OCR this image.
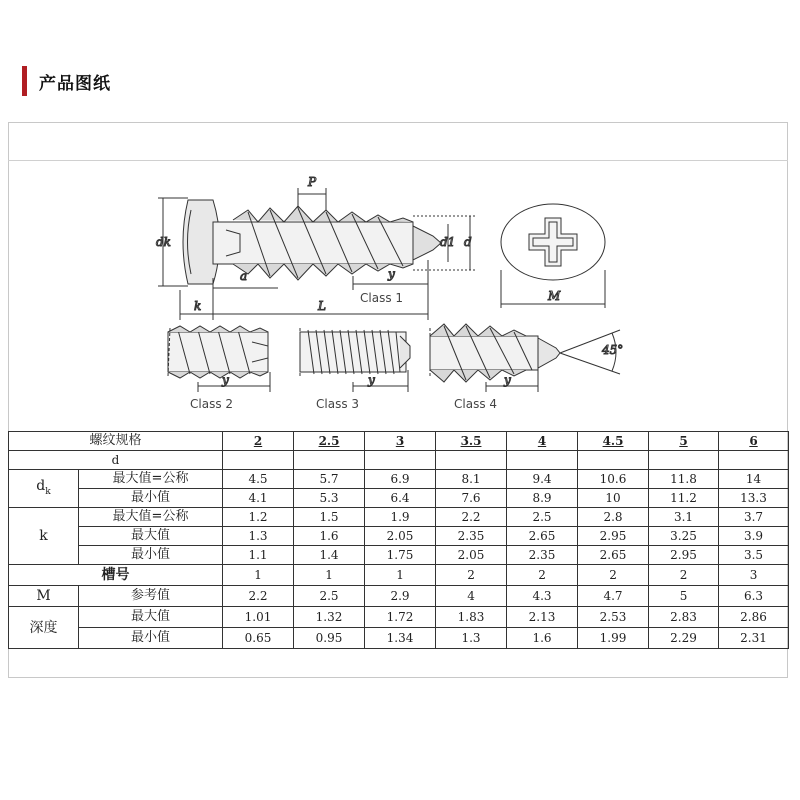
产品图纸
dk	d1 d
P
a	y
k	L
Class 1	M
y
Class 2
y
Class 3
y
45°
Class 4
螺纹规格		2	2.5	3	3.5	4	4.5	5	6
d									
$d_k$	最大值=公称	4.5	5.7	6.9	8.1	9.4	10.6	11.8	14
	最小值	4.1	5.3	6.4	7.6	8.9	10	11.2	13.3
k	最大值=公称	1.2	1.5	1.9	2.2	2.5	2.8	3.1	3.7
	最大值	1.3	1.6	2.05	2.35	2.65	2.95	3.25	3.9
	最小值	1.1	1.4	1.75	2.05	2.35	2.65	2.95	3.5
槽号		1	1	1	2	2	2	2	3
M	参考值	2.2	2.5	2.9	4	4.3	4.7	5	6.3
深度	最大值	1.01	1.32	1.72	1.83	2.13	2.53	2.83	2.86
	最小值	0.65	0.95	1.34	1.3	1.6	1.99	2.29	2.31
